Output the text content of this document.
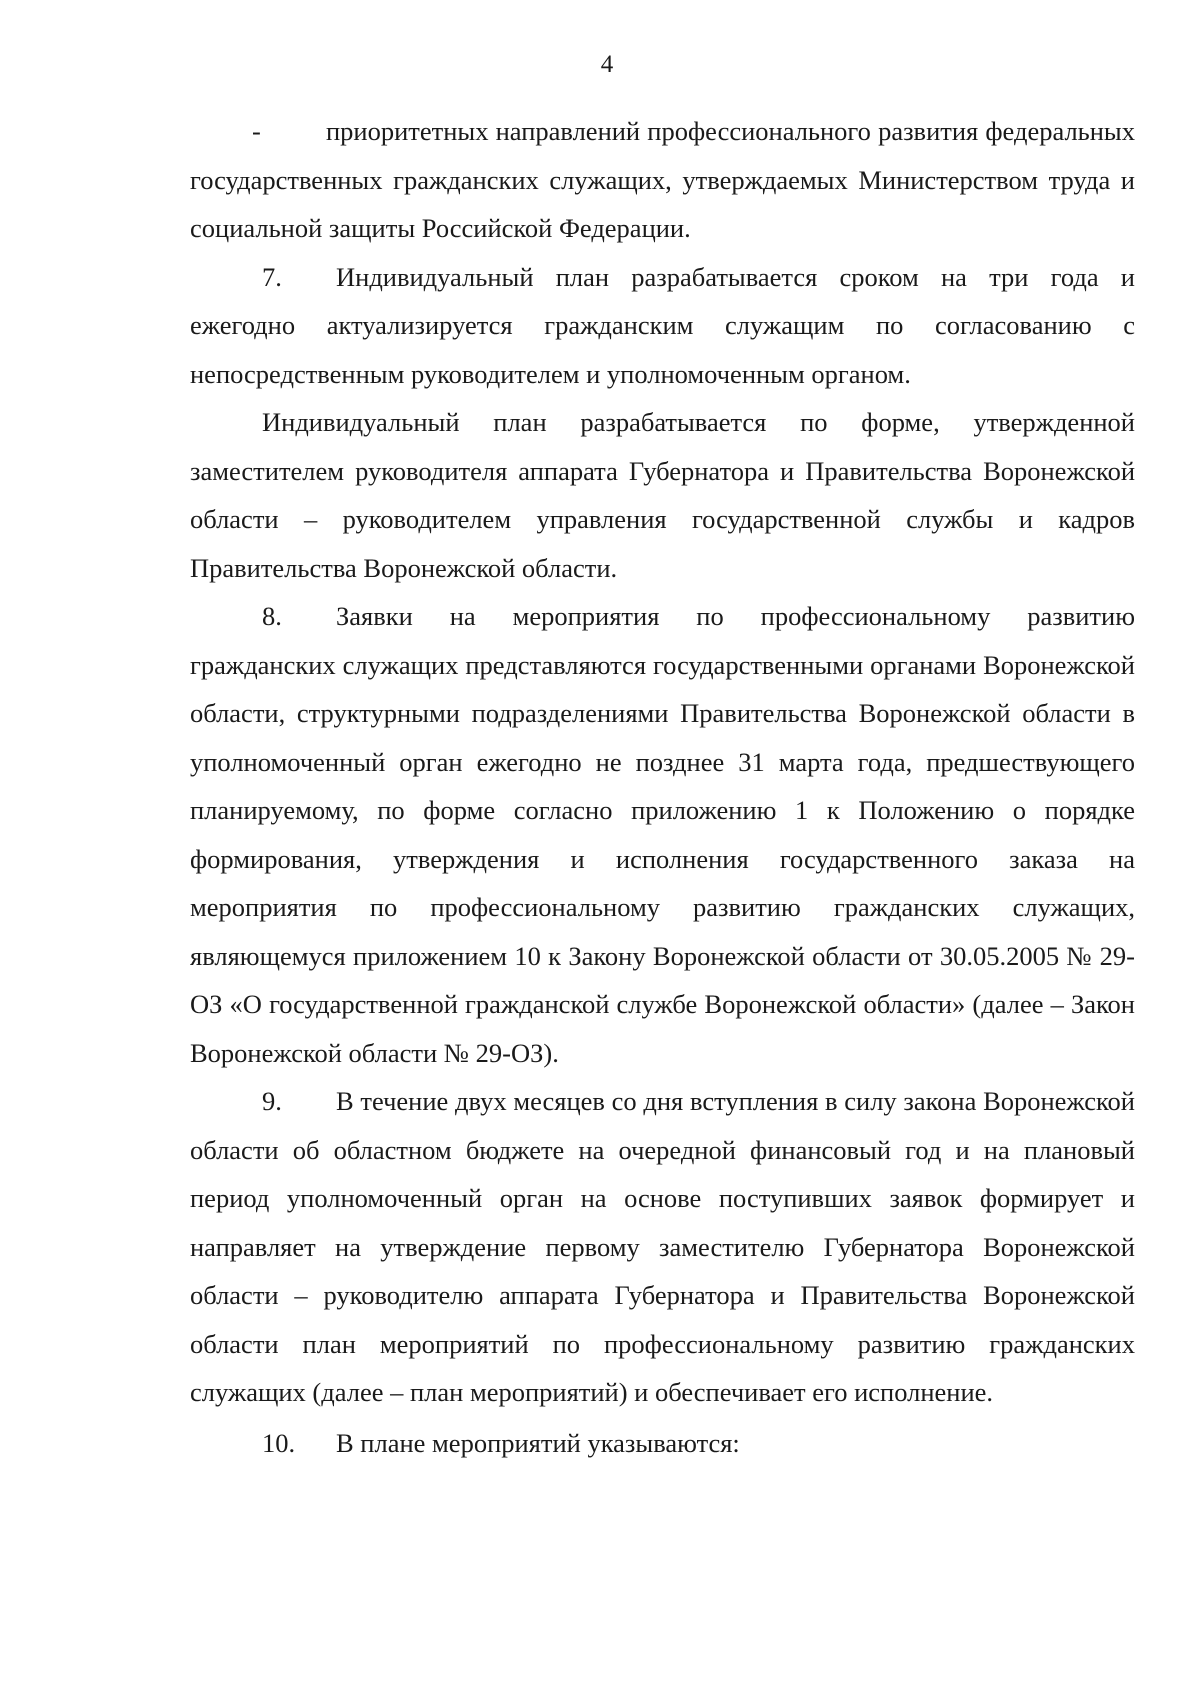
4

- приоритетных направлений профессионального развития федеральных государственных гражданских служащих, утверждаемых Министерством труда и социальной защиты Российской Федерации.

7. Индивидуальный план разрабатывается сроком на три года и ежегодно актуализируется гражданским служащим по согласованию с непосредственным руководителем и уполномоченным органом.

Индивидуальный план разрабатывается по форме, утвержденной заместителем руководителя аппарата Губернатора и Правительства Воронежской области – руководителем управления государственной службы и кадров Правительства Воронежской области.

8. Заявки на мероприятия по профессиональному развитию гражданских служащих представляются государственными органами Воронежской области, структурными подразделениями Правительства Воронежской области в уполномоченный орган ежегодно не позднее 31 марта года, предшествующего планируемому, по форме согласно приложению 1 к Положению о порядке формирования, утверждения и исполнения государственного заказа на мероприятия по профессиональному развитию гражданских служащих, являющемуся приложением 10 к Закону Воронежской области от 30.05.2005 № 29-ОЗ «О государственной гражданской службе Воронежской области» (далее – Закон Воронежской области № 29-ОЗ).

9. В течение двух месяцев со дня вступления в силу закона Воронежской области об областном бюджете на очередной финансовый год и на плановый период уполномоченный орган на основе поступивших заявок формирует и направляет на утверждение первому заместителю Губернатора Воронежской области – руководителю аппарата Губернатора и Правительства Воронежской области план мероприятий по профессиональному развитию гражданских служащих (далее – план мероприятий) и обеспечивает его исполнение.

10. В плане мероприятий указываются:
